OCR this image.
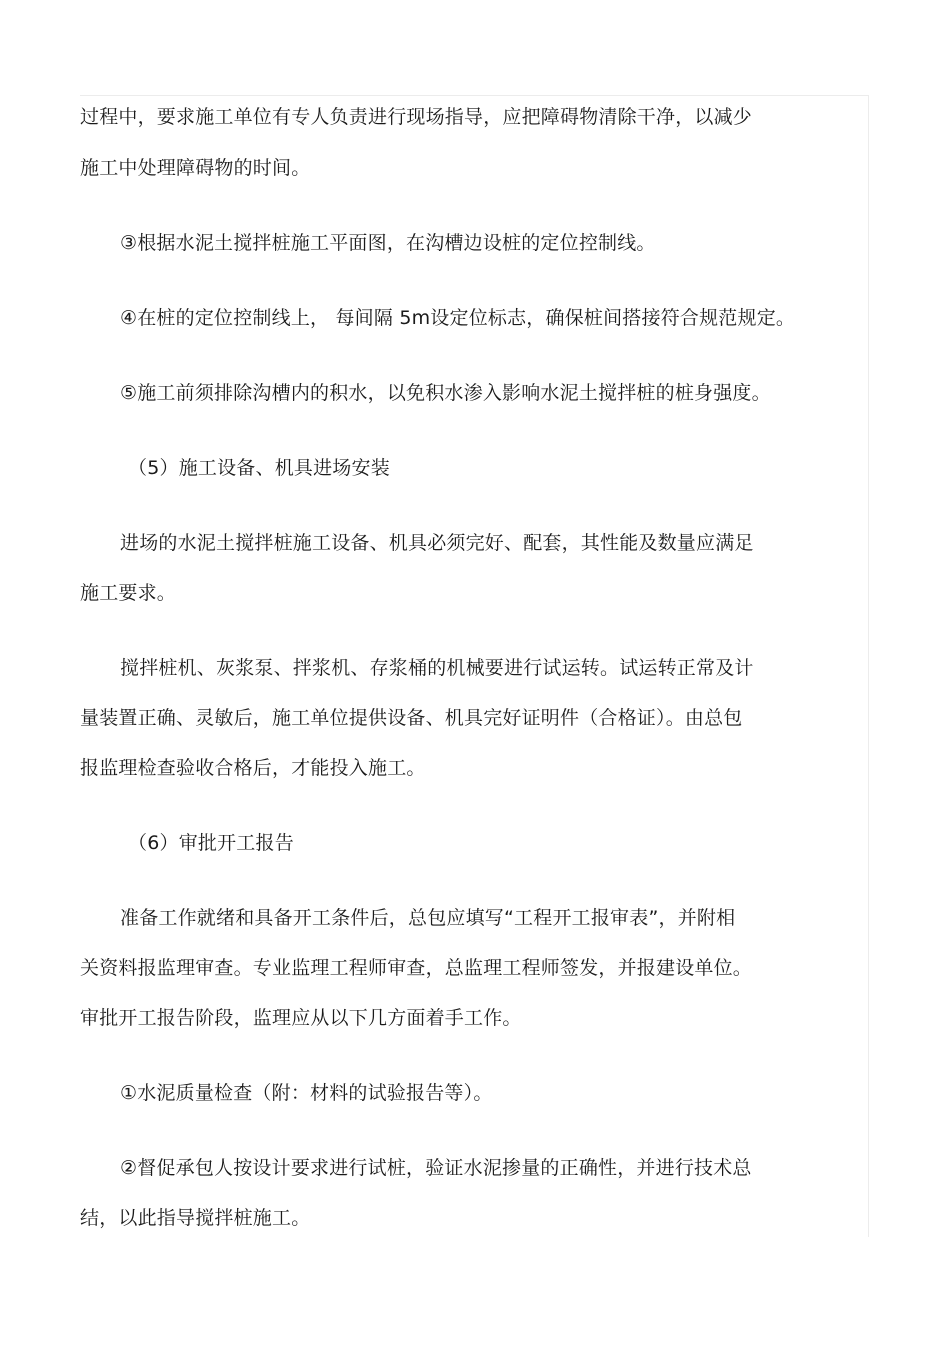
过程中，要求施工单位有专人负责进行现场指导，应把障碍物清除干净，以减少
施工中处理障碍物的时间。
③根据水泥土搅拌桩施工平面图，在沟槽边设桩的定位控制线。
④在桩的定位控制线上， 每间隔 5m设定位标志，确保桩间搭接符合规范规定。
⑤施工前须排除沟槽内的积水，以免积水渗入影响水泥土搅拌桩的桩身强度。
（5）施工设备、机具进场安装
进场的水泥土搅拌桩施工设备、机具必须完好、配套，其性能及数量应满足
施工要求。
搅拌桩机、灰浆泵、拌浆机、存浆桶的机械要进行试运转。试运转正常及计
量装置正确、灵敏后，施工单位提供设备、机具完好证明件（合格证）。由总包
报监理检查验收合格后，才能投入施工。
（6）审批开工报告
准备工作就绪和具备开工条件后，总包应填写“工程开工报审表”，并附相
关资料报监理审查。专业监理工程师审查，总监理工程师签发，并报建设单位。
审批开工报告阶段，监理应从以下几方面着手工作。
①水泥质量检查（附：材料的试验报告等）。
②督促承包人按设计要求进行试桩，验证水泥掺量的正确性，并进行技术总
结，以此指导搅拌桩施工。
